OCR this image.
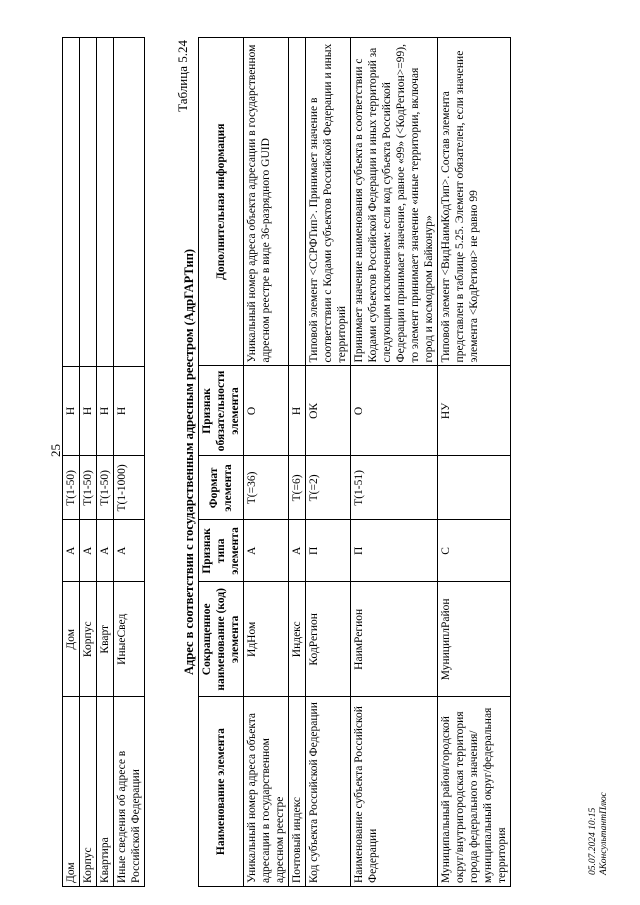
25
Дом	Дом	А	T(1-50)	Н	
Корпус	Корпус	А	T(1-50)	Н	
Квартира	Кварт	А	T(1-50)	Н	
Иные сведения об адресе в Российской Федерации	ИныеСвед	А	T(1-1000)	Н	
Таблица 5.24
Адрес в соответствии с государственным адресным реестром (АдрГАРТип)
Наименование элемента	Сокращенное наименование (код) элемента	Признак типа элемента	Формат элемента	Признак обязательности элемента	Дополнительная информация
Уникальный номер адреса объекта адресации в государственном адресном реестре	ИдНом	А	T(=36)	О	Уникальный номер адреса объекта адресации в государственном адресном реестре в виде 36-разрядного GUID
Почтовый индекс	Индекс	А	T(=6)	Н	
Код субъекта Российской Федерации	КодРегион	П	T(=2)	ОК	Типовой элемент <ССРФТип>. Принимает значение в соответствии с Кодами субъектов Российской Федерации и иных территорий
Наименование субъекта Российской Федерации	НаимРегион	П	T(1-51)	О	Принимает значение наименования субъекта в соответствии с Кодами субъектов Российской Федерации и иных территорий за следующим исключением: если код субъекта Российской Федерации принимает значение, равное «99» (<КодРегион>=99), то элемент принимает значение «иные территории, включая город и космодром Байконур»
Муниципальный район/городской округ/внутригородская территория города федерального значения/муниципальный округ/федеральная территория	МунициплРайон	С		НУ	Типовой элемент <ВидНаимКодТип>. Состав элемента представлен в таблице 5.25. Элемент обязателен, если значение элемента <КодРегион> не равно 99
05.07.2024 10:15 АКонсультантПлюс
